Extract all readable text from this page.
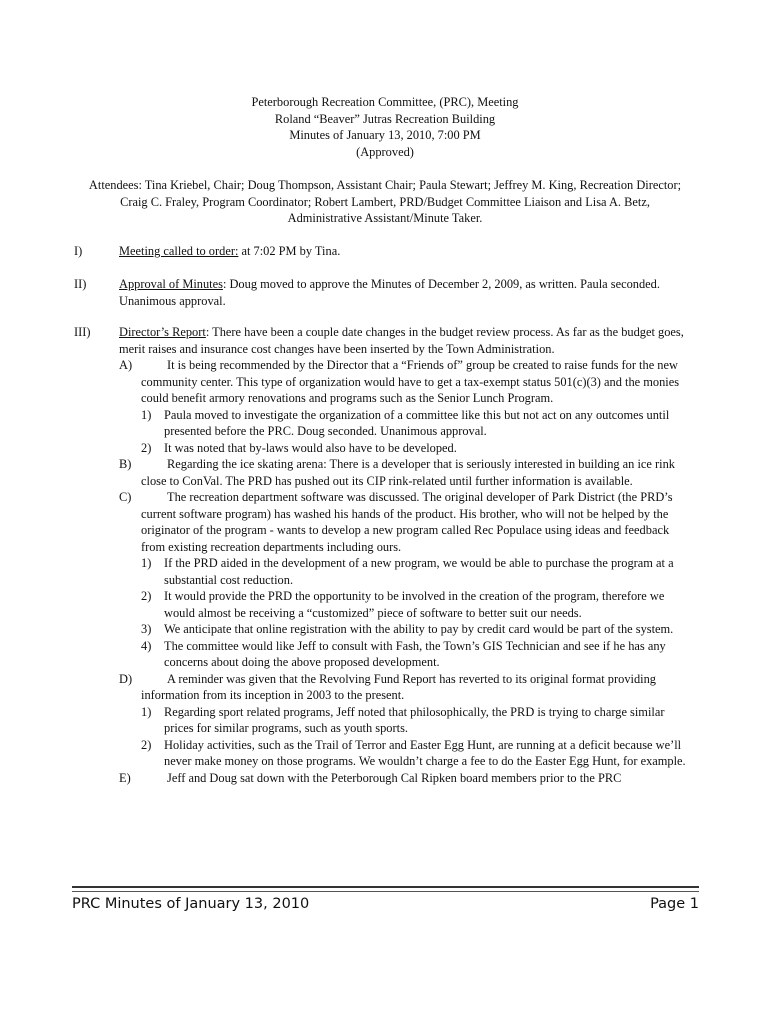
Peterborough Recreation Committee, (PRC), Meeting
Roland “Beaver” Jutras Recreation Building
Minutes of January 13, 2010, 7:00 PM
(Approved)
Attendees: Tina Kriebel, Chair; Doug Thompson, Assistant Chair; Paula Stewart; Jeffrey M. King, Recreation Director; Craig C. Fraley, Program Coordinator; Robert Lambert, PRD/Budget Committee Liaison and Lisa A. Betz, Administrative Assistant/Minute Taker.
I)	Meeting called to order: at 7:02 PM by Tina.
II)	Approval of Minutes: Doug moved to approve the Minutes of December 2, 2009, as written. Paula seconded. Unanimous approval.
III)	Director’s Report: There have been a couple date changes in the budget review process. As far as the budget goes, merit raises and insurance cost changes have been inserted by the Town Administration.
A)	It is being recommended by the Director that a “Friends of” group be created to raise funds for the new community center. This type of organization would have to get a tax-exempt status 501(c)(3) and the monies could benefit armory renovations and programs such as the Senior Lunch Program.
1) Paula moved to investigate the organization of a committee like this but not act on any outcomes until presented before the PRC. Doug seconded. Unanimous approval.
2) It was noted that by-laws would also have to be developed.
B)	Regarding the ice skating arena: There is a developer that is seriously interested in building an ice rink close to ConVal. The PRD has pushed out its CIP rink-related until further information is available.
C)	The recreation department software was discussed. The original developer of Park District (the PRD’s current software program) has washed his hands of the product. His brother, who will not be helped by the originator of the program - wants to develop a new program called Rec Populace using ideas and feedback from existing recreation departments including ours.
1) If the PRD aided in the development of a new program, we would be able to purchase the program at a substantial cost reduction.
2) It would provide the PRD the opportunity to be involved in the creation of the program, therefore we would almost be receiving a “customized” piece of software to better suit our needs.
3) We anticipate that online registration with the ability to pay by credit card would be part of the system.
4) The committee would like Jeff to consult with Fash, the Town’s GIS Technician and see if he has any concerns about doing the above proposed development.
D)	A reminder was given that the Revolving Fund Report has reverted to its original format providing information from its inception in 2003 to the present.
1) Regarding sport related programs, Jeff noted that philosophically, the PRD is trying to charge similar prices for similar programs, such as youth sports.
2) Holiday activities, such as the Trail of Terror and Easter Egg Hunt, are running at a deficit because we’ll never make money on those programs. We wouldn’t charge a fee to do the Easter Egg Hunt, for example.
E)	Jeff and Doug sat down with the Peterborough Cal Ripken board members prior to the PRC
PRC Minutes of January 13, 2010	Page 1
